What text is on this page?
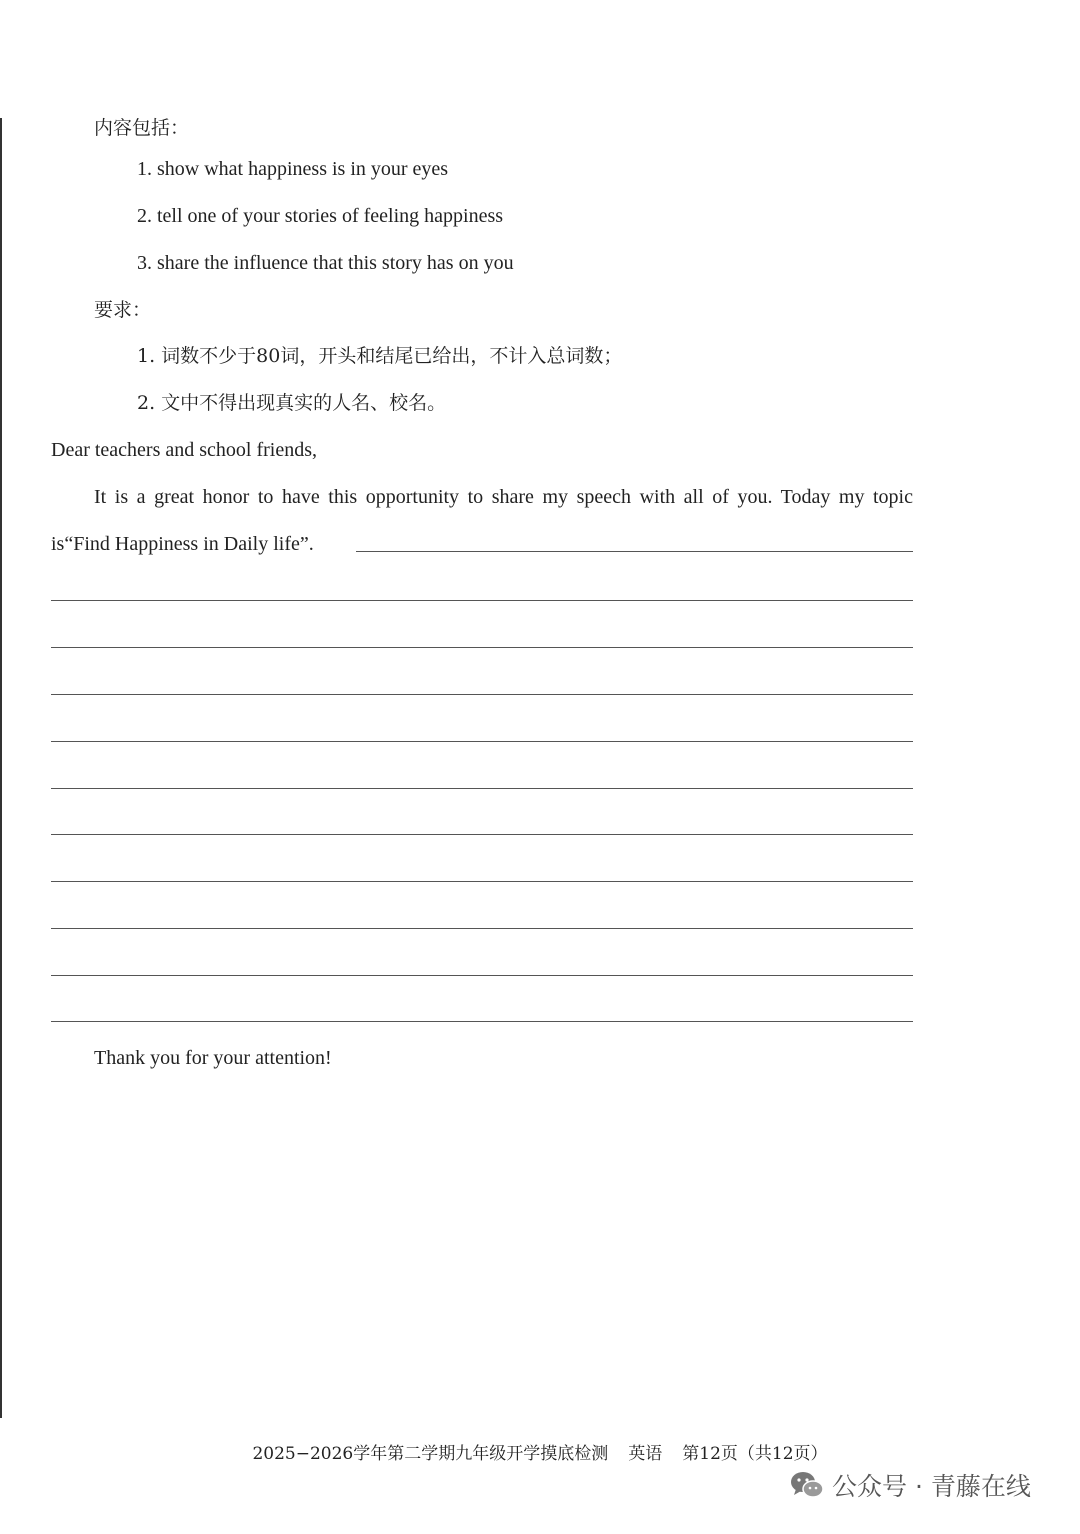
内容包括：

1. show what happiness is in your eyes

2. tell one of your stories of feeling happiness

3. share the influence that this story has on you

要求：

1. 词数不少于80词，开头和结尾已给出，不计入总词数；

2. 文中不得出现真实的人名、校名。

Dear teachers and school friends,

It is a great honor to have this opportunity to share my speech with all of you. Today my topic

is“Find Happiness in Daily life”.

Thank you for your attention!

2025−2026学年第二学期九年级开学摸底检测 英语 第12页（共12页）
公众号 · 青藤在线
